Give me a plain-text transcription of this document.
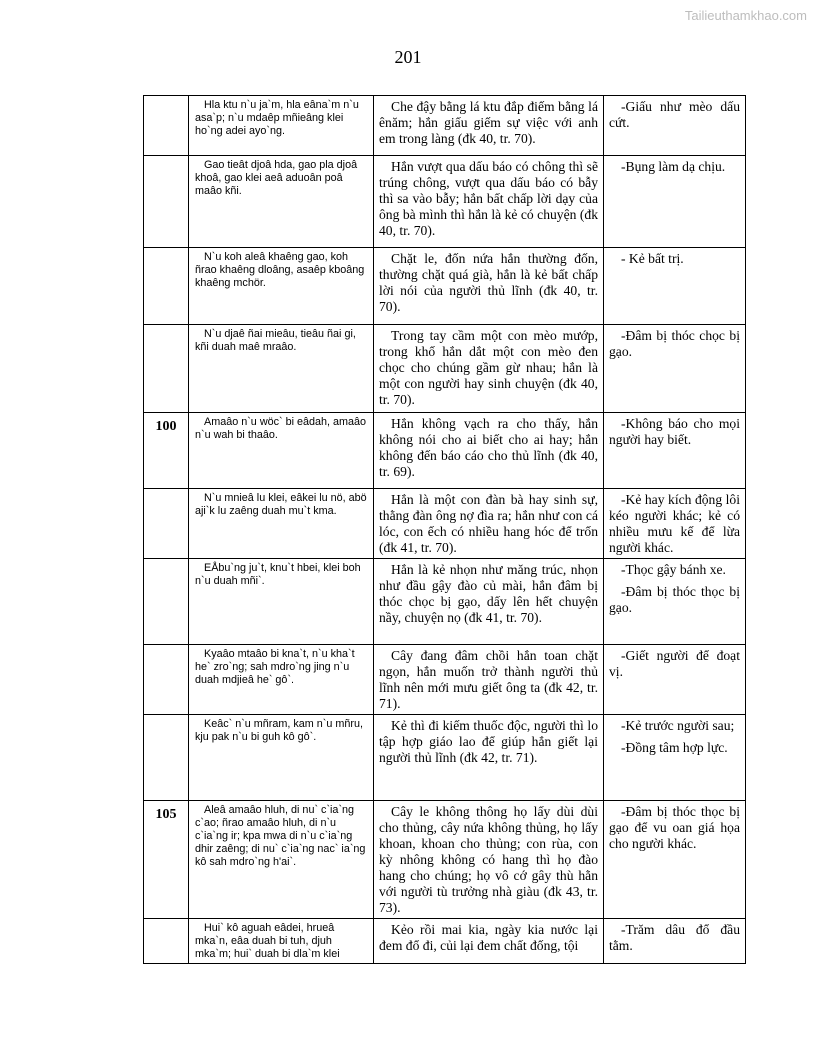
Tailieuthamkhao.com
201

	Hla ktu n`u ja`m, hla eâna`m n`u asa`p; n`u mdaêp mñieâng klei ho`ng adei ayo`ng.	Che đậy bằng lá ktu đắp điếm bằng lá ênăm; hắn giấu giếm sự việc với anh em trong làng (đk 40, tr. 70).	-Giấu như mèo dấu cứt.

	Gao tieât djoâ hda, gao pla djoâ khoâ, gao klei aeâ aduoân poâ maâo kñi.	Hắn vượt qua dấu báo có chông thì sẽ trúng chông, vượt qua dấu báo có bẫy thì sa vào bẫy; hắn bất chấp lời dạy của ông bà mình thì hắn là kẻ có chuyện (đk 40, tr. 70).	-Bụng làm dạ chịu.

	N`u koh aleâ khaêng gao, koh ñrao khaêng dloâng, asaêp kboâng khaêng mchör.	Chặt le, đốn nứa hắn thường đốn, thường chặt quá già, hắn là kẻ bất chấp lời nói của người thủ lĩnh (đk 40, tr. 70).	- Kẻ bất trị.

	N`u djaê ñai mieâu, tieâu ñai gi, kñi duah maê mraâo.	Trong tay cầm một con mèo mướp, trong khố hắn dắt một con mèo đen chọc cho chúng gầm gừ nhau; hắn là một con người hay sinh chuyện (đk 40, tr. 70).	-Đâm bị thóc chọc bị gạo.

100	Amaâo n`u wöc` bi eâdah, amaâo n`u wah bi thaâo.	Hắn không vạch ra cho thấy, hắn không nói cho ai biết cho ai hay; hắn không đến báo cáo cho thủ lĩnh (đk 40, tr. 69).	-Không báo cho mọi người hay biết.

	N`u mnieâ lu klei, eâkei lu nö, abö aji`k lu zaêng duah mu`t kma.	Hắn là một con đàn bà hay sinh sự, thằng đàn ông nợ đìa ra; hắn như con cá lóc, con ếch có nhiều hang hóc để trốn (đk 41, tr. 70).	-Kẻ hay kích động lôi kéo người khác; kẻ có nhiều mưu kế để lừa người khác.

	EÅbu`ng ju`t, knu`t hbei, klei boh n`u duah mñi`.	Hắn là kẻ nhọn như măng trúc, nhọn như đầu gậy đào củ mài, hắn đâm bị thóc chọc bị gạo, dấy lên hết chuyện nầy, chuyện nọ (đk 41, tr. 70).	-Thọc gậy bánh xe.
-Đâm bị thóc thọc bị gạo.

	Kyaâo mtaâo bi kna`t, n`u kha`t he` zro`ng; sah mdro`ng jing n`u duah mdjieâ he` gô`.	Cây đang đâm chồi hắn toan chặt ngọn, hắn muốn trở thành người thủ lĩnh nên mới mưu giết ông ta (đk 42, tr. 71).	-Giết người để đoạt vị.

	Keâc` n`u mñram, kam n`u mñru, kju pak n`u bi guh kô gô`.	Kẻ thì đi kiếm thuốc độc, người thì lo tập hợp giáo lao để giúp hắn giết lại người thủ lĩnh (đk 42, tr. 71).	-Kẻ trước người sau;
-Đồng tâm hợp lực.

105	Aleâ amaâo hluh, di nu` c`ia`ng c`ao; ñrao amaâo hluh, di n`u c`ia`ng ir; kpa mwa di n`u c`ia`ng dhir zaêng; di nu` c`ia`ng nac` ia`ng kô sah mdro`ng h'ai`.	Cây le không thông họ lấy dùi dùi cho thủng, cây nứa không thủng, họ lấy khoan, khoan cho thủng; con rùa, con kỳ nhông không có hang thì họ đào hang cho chúng; họ vô cớ gây thù hằn với người tù trưởng nhà giàu (đk 43, tr. 73).	-Đâm bị thóc thọc bị gạo để vu oan giá họa cho người khác.

	Hui` kô aguah eâdei, hrueâ mka`n, eâa duah bi tuh, djuh mka`m; hui` duah bi dla`m klei	Kẻo rồi mai kia, ngày kia nước lại đem đổ đi, củi lại đem chất đống, tội	-Trăm dâu đổ đầu tằm.
